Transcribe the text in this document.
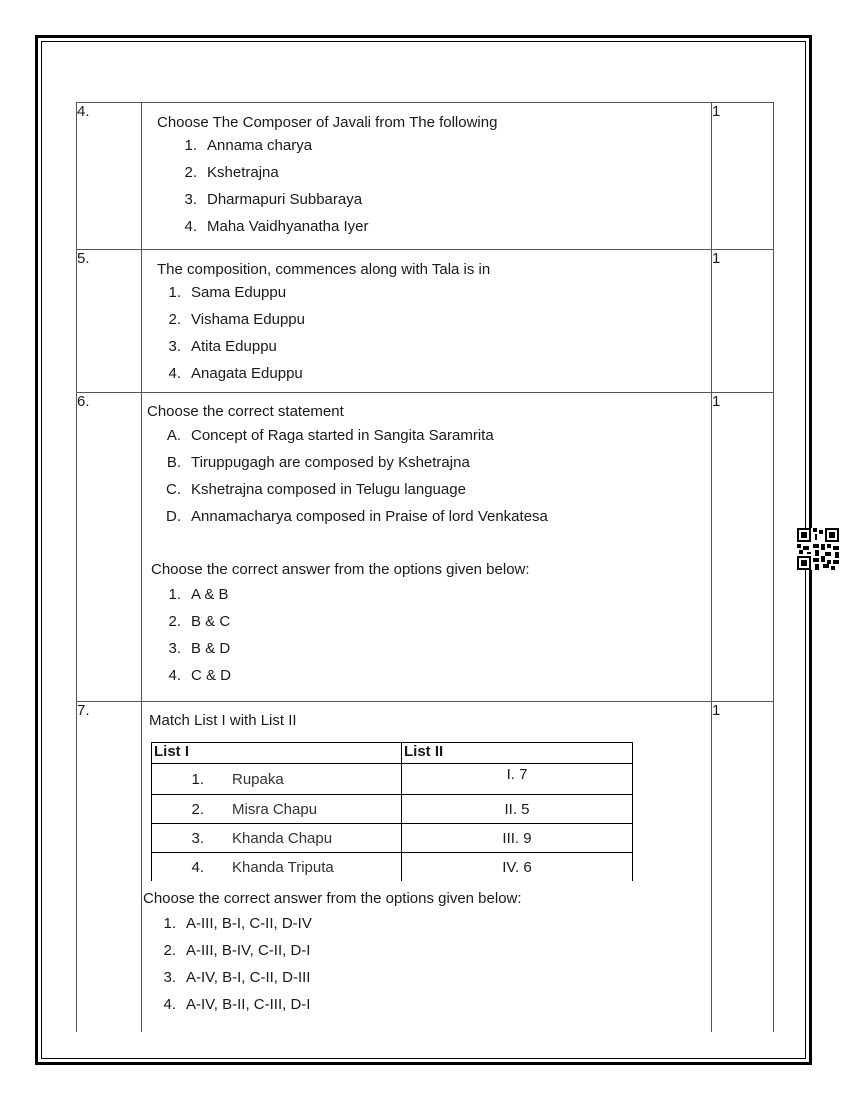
4.	

Choose The Composer of Javali from The following

1. Annama charya
2. Kshetrajna
3. Dharmapuri Subbaraya
4. Maha Vaidhyanatha Iyer
	1
5.	

The composition, commences along with Tala is in

1. Sama Eduppu
2. Vishama Eduppu
3. Atita Eduppu
4. Anagata Eduppu
	1
6.	

Choose the correct statement

A. Concept of Raga started in Sangita Saramrita
B. Tiruppugagh are composed by Kshetrajna
C. Kshetrajna composed in Telugu language
D. Annamacharya composed in Praise of lord Venkatesa

Choose the correct answer from the options given below:

1. A & B
2. B & C
3. B & D
4. C & D
	1
7.	

Match List I with List II

List I	List II
1. Rupaka	I. 7
2. Misra Chapu	II. 5
3. Khanda Chapu	III. 9
4. Khanda Triputa	IV. 6

Choose the correct answer from the options given below:

1. A-III, B-I, C-II, D-IV
2. A-III, B-IV, C-II, D-I
3. A-IV, B-I, C-II, D-III
4. A-IV, B-II, C-III, D-I
	1
